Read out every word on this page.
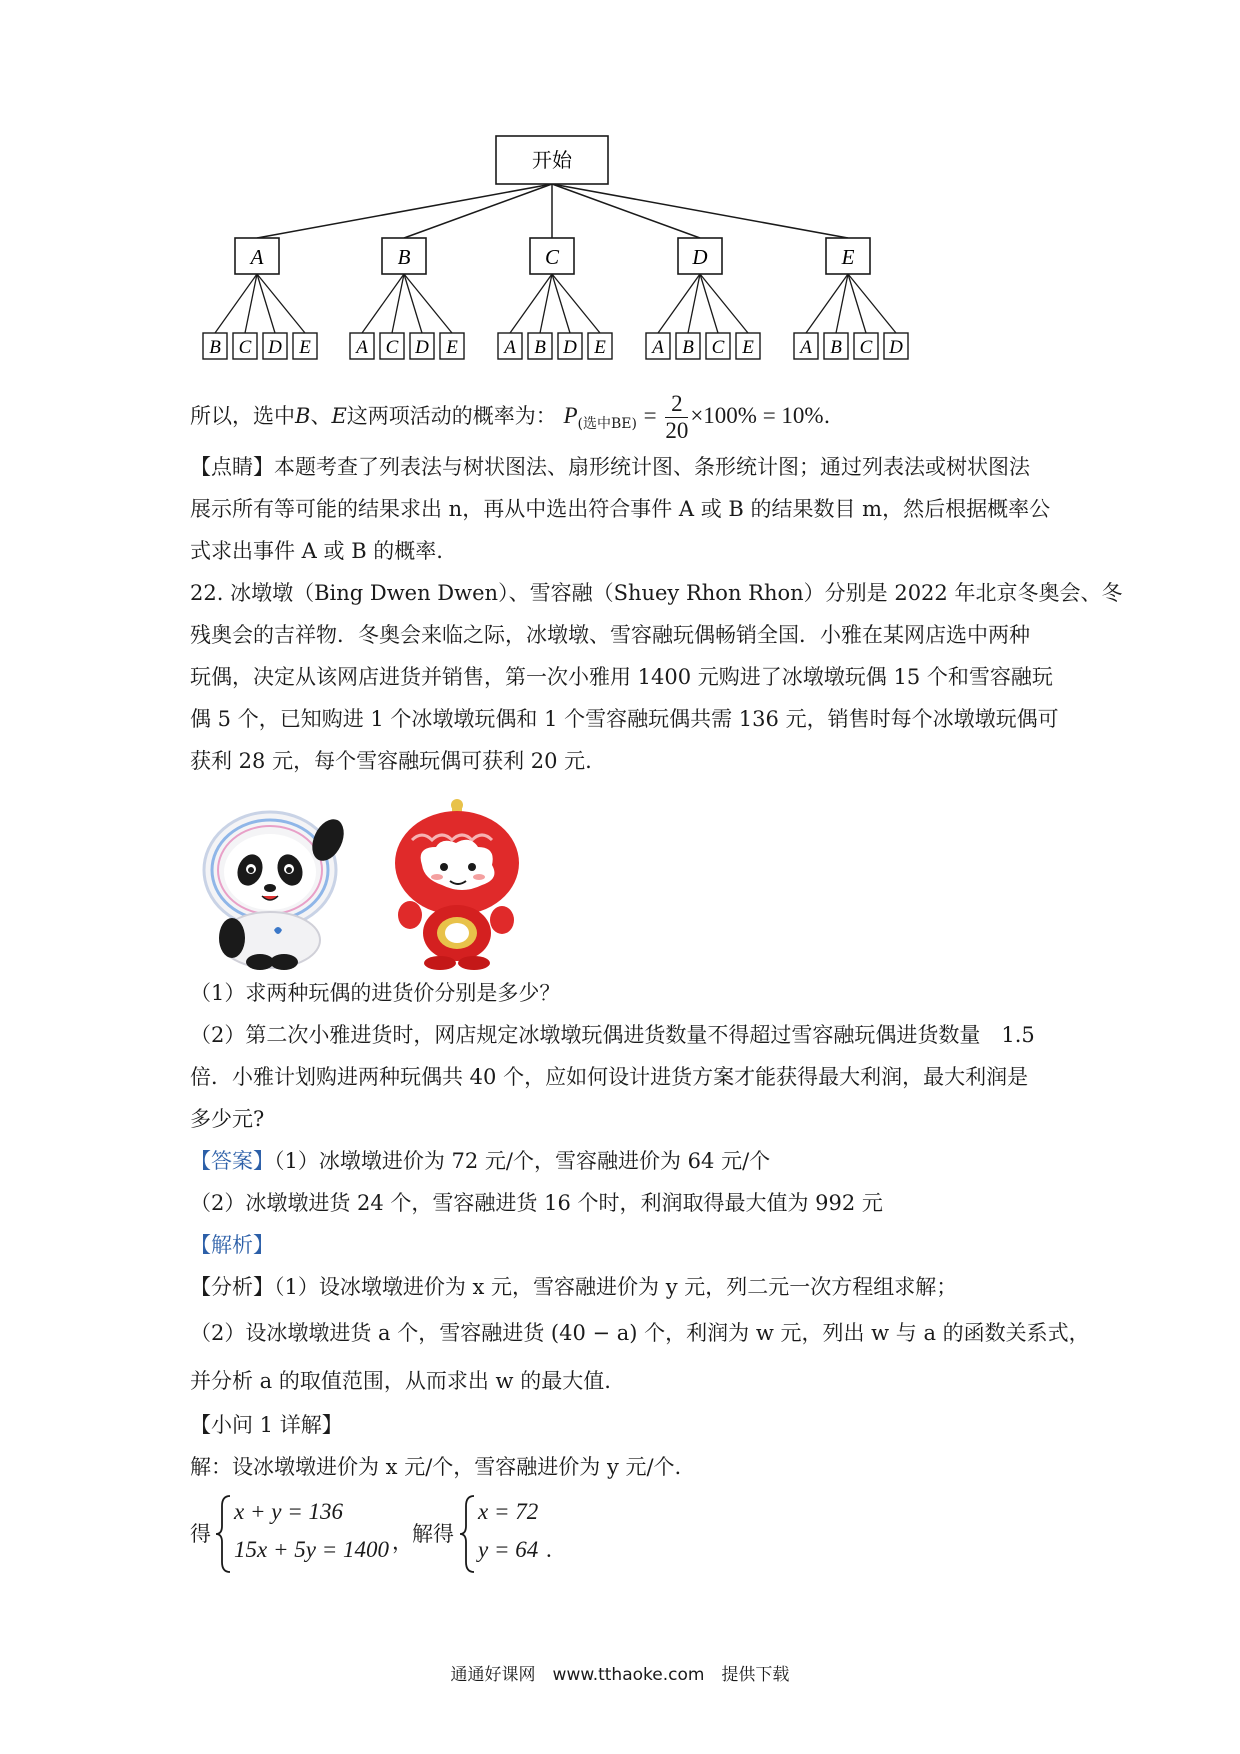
开始
A
B C D E
B
A C D E
C
A B D E
D
A B C E
E
A B C D
所以，选中B、E这两项活动的概率为： $P_{(选中BE)} = \frac{2}{20} \times 100\% = 10\%$.
【点睛】本题考查了列表法与树状图法、扇形统计图、条形统计图；通过列表法或树状图法
展示所有等可能的结果求出 n，再从中选出符合事件 A 或 B 的结果数目 m，然后根据概率公
式求出事件 A 或 B 的概率.
22. 冰墩墩（Bing Dwen Dwen）、雪容融（Shuey Rhon Rhon）分别是 2022 年北京冬奥会、冬
残奥会的吉祥物．冬奥会来临之际，冰墩墩、雪容融玩偶畅销全国．小雅在某网店选中两种
玩偶，决定从该网店进货并销售，第一次小雅用 1400 元购进了冰墩墩玩偶 15 个和雪容融玩
偶 5 个，已知购进 1 个冰墩墩玩偶和 1 个雪容融玩偶共需 136 元，销售时每个冰墩墩玩偶可
获利 28 元，每个雪容融玩偶可获利 20 元.
（1）求两种玩偶的进货价分别是多少？
（2）第二次小雅进货时，网店规定冰墩墩玩偶进货数量不得超过雪容融玩偶进货数量　1.5
倍．小雅计划购进两种玩偶共 40 个，应如何设计进货方案才能获得最大利润，最大利润是
多少元?
【答案】（1）冰墩墩进价为 72 元/个，雪容融进价为 64 元/个
（2）冰墩墩进货 24 个，雪容融进货 16 个时，利润取得最大值为 992 元
【解析】
【分析】（1）设冰墩墩进价为 x 元，雪容融进价为 y 元，列二元一次方程组求解；
（2）设冰墩墩进货 a 个，雪容融进货 (40 − a) 个，利润为 w 元，列出 w 与 a 的函数关系式，
并分析 a 的取值范围，从而求出 w 的最大值.
【小问 1 详解】
解：设冰墩墩进价为 x 元/个，雪容融进价为 y 元/个.
得
x + y = 136
15x + 5y = 1400 ， 解得
x = 72
y = 64 .
通通好课网　www.tthaoke.com　提供下载
